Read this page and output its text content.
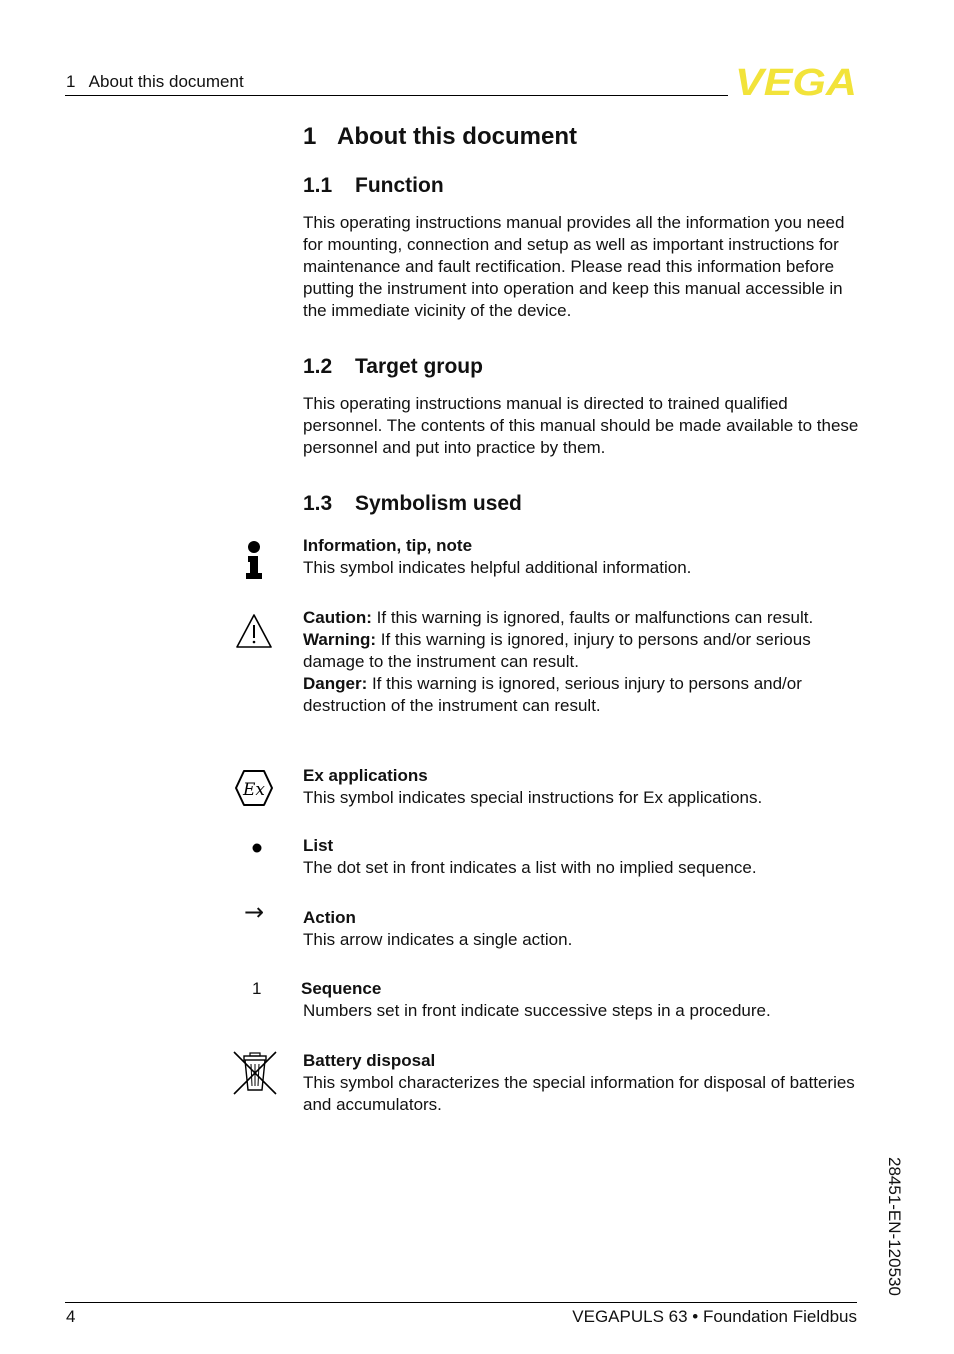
1   About this document	VEGA
1 About this document
1.1 Function
This operating instructions manual provides all the information you need for mounting, connection and setup as well as important instructions for maintenance and fault rectification. Please read this information before putting the instrument into operation and keep this manual accessible in the immediate vicinity of the device.
1.2 Target group
This operating instructions manual is directed to trained qualified personnel. The contents of this manual should be made available to these personnel and put into practice by them.
1.3 Symbolism used
Information, tip, note
This symbol indicates helpful additional information.
Caution: If this warning is ignored, faults or malfunctions can result.
Warning: If this warning is ignored, injury to persons and/or serious damage to the instrument can result.
Danger: If this warning is ignored, serious injury to persons and/or destruction of the instrument can result.
Ex
Ex applications
This symbol indicates special instructions for Ex applications.
List
The dot set in front indicates a list with no implied sequence.
→ Action
This arrow indicates a single action.
1 Sequence
Numbers set in front indicate successive steps in a procedure.
Battery disposal
This symbol characterizes the special information for disposal of batteries and accumulators.
28451-EN-120530
4	VEGAPULS 63 • Foundation Fieldbus
